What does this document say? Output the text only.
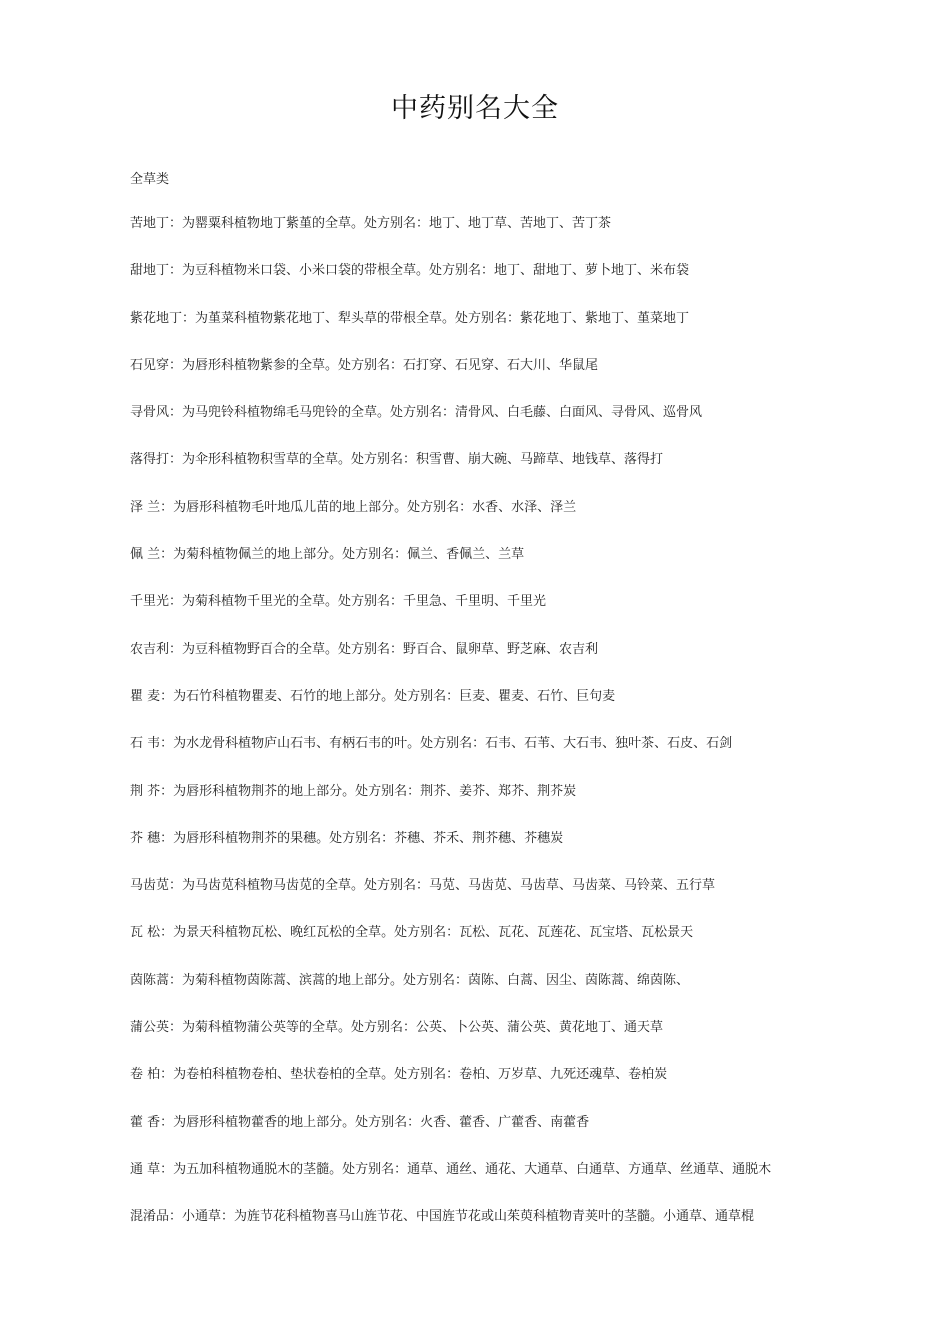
中药别名大全
全草类
苦地丁：为罂粟科植物地丁紫堇的全草。处方别名：地丁、地丁草、苦地丁、苦丁茶
甜地丁：为豆科植物米口袋、小米口袋的带根全草。处方别名：地丁、甜地丁、萝卜地丁、米布袋
紫花地丁：为堇菜科植物紫花地丁、犁头草的带根全草。处方别名：紫花地丁、紫地丁、堇菜地丁
石见穿：为唇形科植物紫参的全草。处方别名：石打穿、石见穿、石大川、华鼠尾
寻骨风：为马兜铃科植物绵毛马兜铃的全草。处方别名：清骨风、白毛藤、白面风、寻骨风、巡骨风
落得打：为伞形科植物积雪草的全草。处方别名：积雪曹、崩大碗、马蹄草、地钱草、落得打
泽 兰：为唇形科植物毛叶地瓜儿苗的地上部分。处方别名：水香、水泽、泽兰
佩 兰：为菊科植物佩兰的地上部分。处方别名：佩兰、香佩兰、兰草
千里光：为菊科植物千里光的全草。处方别名：千里急、千里明、千里光
农吉利：为豆科植物野百合的全草。处方别名：野百合、鼠卵草、野芝麻、农吉利
瞿 麦：为石竹科植物瞿麦、石竹的地上部分。处方别名：巨麦、瞿麦、石竹、巨句麦
石 韦：为水龙骨科植物庐山石韦、有柄石韦的叶。处方别名：石韦、石苇、大石韦、独叶茶、石皮、石剑
荆 芥：为唇形科植物荆芥的地上部分。处方别名：荆芥、姜芥、郑芥、荆芥炭
芥 穗：为唇形科植物荆芥的果穗。处方别名：芥穗、芥禾、荆芥穗、芥穗炭
马齿苋：为马齿苋科植物马齿苋的全草。处方别名：马苋、马齿苋、马齿草、马齿菜、马铃菜、五行草
瓦 松：为景天科植物瓦松、晚红瓦松的全草。处方别名：瓦松、瓦花、瓦莲花、瓦宝塔、瓦松景天
茵陈蒿：为菊科植物茵陈蒿、滨蒿的地上部分。处方别名：茵陈、白蒿、因尘、茵陈蒿、绵茵陈、
蒲公英：为菊科植物蒲公英等的全草。处方别名：公英、卜公英、蒲公英、黄花地丁、通天草
卷 柏：为卷柏科植物卷柏、垫状卷柏的全草。处方别名：卷柏、万岁草、九死还魂草、卷柏炭
藿 香：为唇形科植物藿香的地上部分。处方别名：火香、藿香、广藿香、南藿香
通 草：为五加科植物通脱木的茎髓。处方别名：通草、通丝、通花、大通草、白通草、方通草、丝通草、通脱木
混淆品：小通草：为旌节花科植物喜马山旌节花、中国旌节花或山茱萸科植物青荚叶的茎髓。小通草、通草棍
